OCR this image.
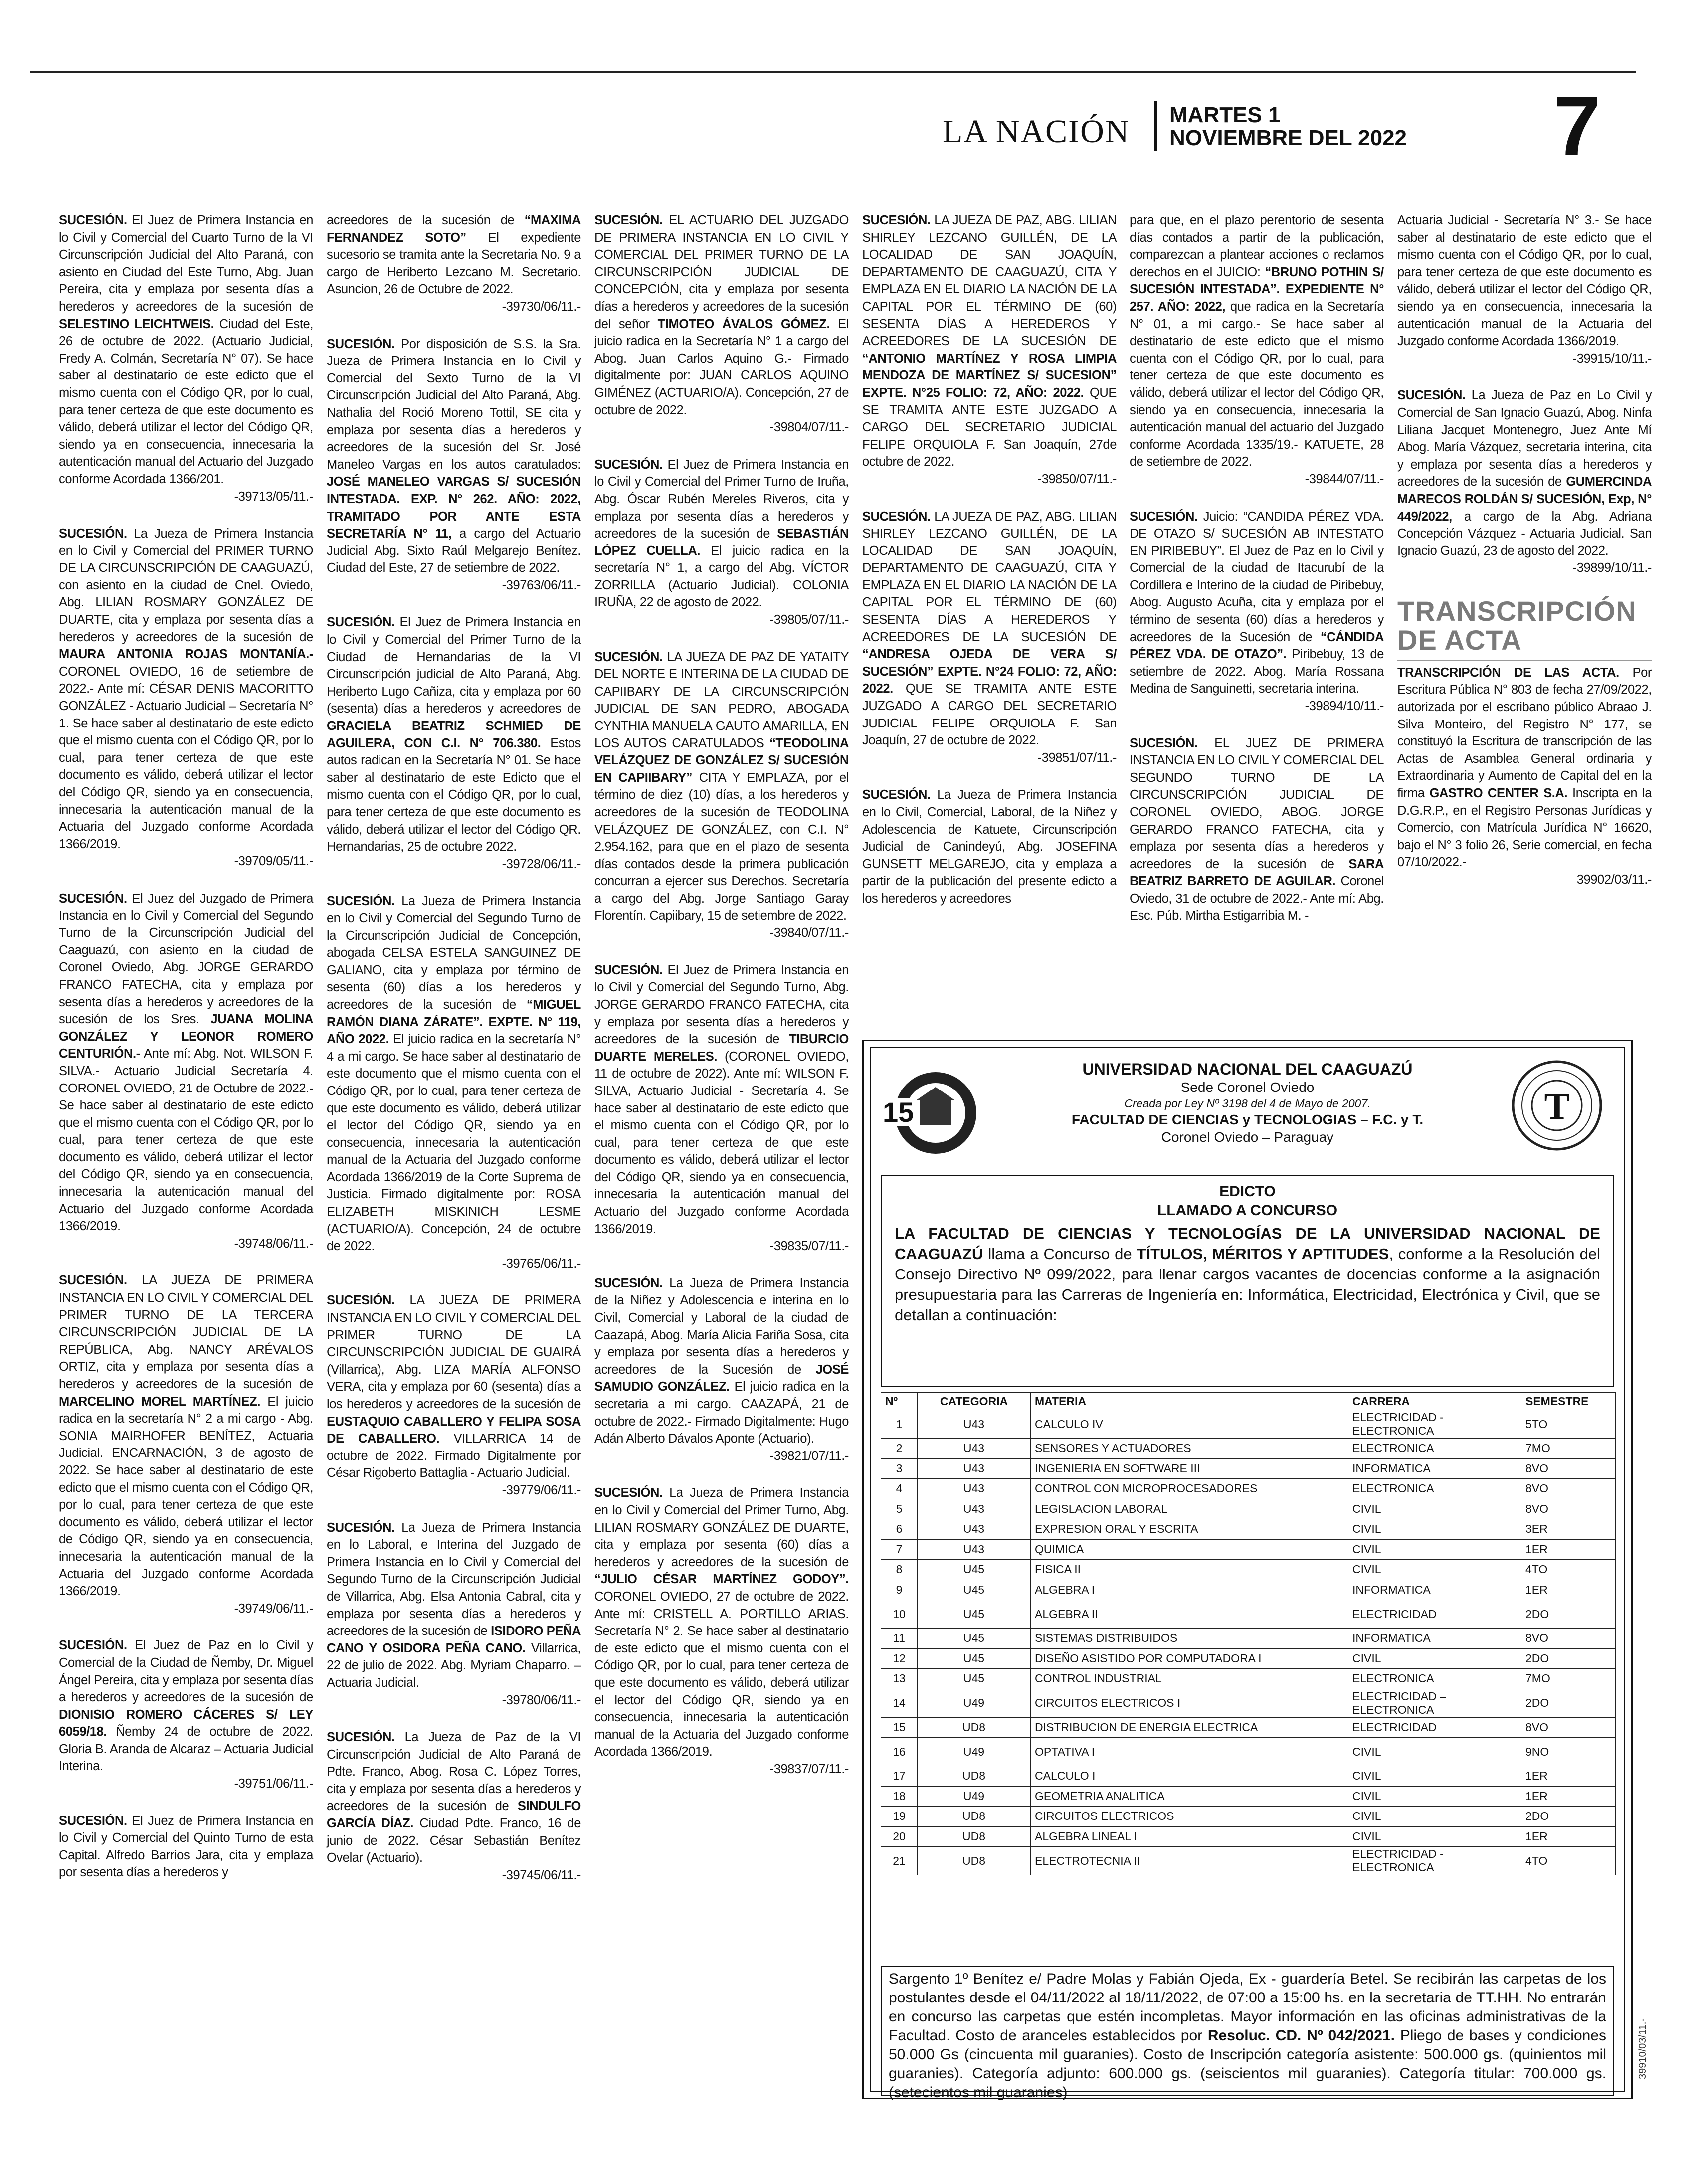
LA NACIÓN MARTES 1
NOVIEMBRE DEL 2022 7

SUCESIÓN. El Juez de Primera Instancia en lo Civil y Comercial del Cuarto Turno de la VI Circunscripción Judicial del Alto Paraná, con asiento en Ciudad del Este Turno, Abg. Juan Pereira, cita y emplaza por sesenta días a herederos y acreedores de la sucesión de SELESTINO LEICHTWEIS. Ciudad del Este, 26 de octubre de 2022. (Actuario Judicial, Fredy A. Colmán, Secretaría N° 07). Se hace saber al destinatario de este edicto que el mismo cuenta con el Código QR, por lo cual, para tener certeza de que este documento es válido, deberá utilizar el lector del Código QR, siendo ya en consecuencia, innecesaria la autenticación manual del Actuario del Juzgado conforme Acordada 1366/201.
-39713/05/11.-

SUCESIÓN. La Jueza de Primera Instancia en lo Civil y Comercial del PRIMER TURNO DE LA CIRCUNSCRIPCIÓN DE CAAGUAZÚ, con asiento en la ciudad de Cnel. Oviedo, Abg. LILIAN ROSMARY GONZÁLEZ DE DUARTE, cita y emplaza por sesenta días a herederos y acreedores de la sucesión de MAURA ANTONIA ROJAS MONTANÍA.- CORONEL OVIEDO, 16 de setiembre de 2022.- Ante mí: CÉSAR DENIS MACORITTO GONZÁLEZ - Actuario Judicial – Secretaría N° 1. Se hace saber al destinatario de este edicto que el mismo cuenta con el Código QR, por lo cual, para tener certeza de que este documento es válido, deberá utilizar el lector del Código QR, siendo ya en consecuencia, innecesaria la autenticación manual de la Actuaria del Juzgado conforme Acordada 1366/2019.
-39709/05/11.-

SUCESIÓN. El Juez del Juzgado de Primera Instancia en lo Civil y Comercial del Segundo Turno de la Circunscripción Judicial del Caaguazú, con asiento en la ciudad de Coronel Oviedo, Abg. JORGE GERARDO FRANCO FATECHA, cita y emplaza por sesenta días a herederos y acreedores de la sucesión de los Sres. JUANA MOLINA GONZÁLEZ Y LEONOR ROMERO CENTURIÓN.- Ante mí: Abg. Not. WILSON F. SILVA.- Actuario Judicial Secretaría 4. CORONEL OVIEDO, 21 de Octubre de 2022.- Se hace saber al destinatario de este edicto que el mismo cuenta con el Código QR, por lo cual, para tener certeza de que este documento es válido, deberá utilizar el lector del Código QR, siendo ya en consecuencia, innecesaria la autenticación manual del Actuario del Juzgado conforme Acordada 1366/2019.
-39748/06/11.-

SUCESIÓN. LA JUEZA DE PRIMERA INSTANCIA EN LO CIVIL Y COMERCIAL DEL PRIMER TURNO DE LA TERCERA CIRCUNSCRIPCIÓN JUDICIAL DE LA REPÚBLICA, Abg. NANCY ARÉVALOS ORTIZ, cita y emplaza por sesenta días a herederos y acreedores de la sucesión de MARCELINO MOREL MARTÍNEZ. El juicio radica en la secretaría N° 2 a mi cargo - Abg. SONIA MAIRHOFER BENÍTEZ, Actuaria Judicial. ENCARNACIÓN, 3 de agosto de 2022. Se hace saber al destinatario de este edicto que el mismo cuenta con el Código QR, por lo cual, para tener certeza de que este documento es válido, deberá utilizar el lector de Código QR, siendo ya en consecuencia, innecesaria la autenticación manual de la Actuaria del Juzgado conforme Acordada 1366/2019.
-39749/06/11.-

SUCESIÓN. El Juez de Paz en lo Civil y Comercial de la Ciudad de Ñemby, Dr. Miguel Ángel Pereira, cita y emplaza por sesenta días a herederos y acreedores de la sucesión de DIONISIO ROMERO CÁCERES S/ LEY 6059/18. Ñemby 24 de octubre de 2022. Gloria B. Aranda de Alcaraz – Actuaria Judicial Interina.
-39751/06/11.-

SUCESIÓN. El Juez de Primera Instancia en lo Civil y Comercial del Quinto Turno de esta Capital. Alfredo Barrios Jara, cita y emplaza por sesenta días a herederos y

acreedores de la sucesión de “MAXIMA FERNANDEZ SOTO” El expediente sucesorio se tramita ante la Secretaria No. 9 a cargo de Heriberto Lezcano M. Secretario. Asuncion, 26 de Octubre de 2022.
-39730/06/11.-

SUCESIÓN. Por disposición de S.S. la Sra. Jueza de Primera Instancia en lo Civil y Comercial del Sexto Turno de la VI Circunscripción Judicial del Alto Paraná, Abg. Nathalia del Roció Moreno Tottil, SE cita y emplaza por sesenta días a herederos y acreedores de la sucesión del Sr. José Maneleo Vargas en los autos caratulados: JOSÉ MANELEO VARGAS S/ SUCESIÓN INTESTADA. EXP. N° 262. AÑO: 2022, TRAMITADO POR ANTE ESTA SECRETARÍA N° 11, a cargo del Actuario Judicial Abg. Sixto Raúl Melgarejo Benítez. Ciudad del Este, 27 de setiembre de 2022.
-39763/06/11.-

SUCESIÓN. El Juez de Primera Instancia en lo Civil y Comercial del Primer Turno de la Ciudad de Hernandarias de la VI Circunscripción judicial de Alto Paraná, Abg. Heriberto Lugo Cañiza, cita y emplaza por 60 (sesenta) días a herederos y acreedores de GRACIELA BEATRIZ SCHMIED DE AGUILERA, CON C.I. N° 706.380. Estos autos radican en la Secretaría N° 01. Se hace saber al destinatario de este Edicto que el mismo cuenta con el Código QR, por lo cual, para tener certeza de que este documento es válido, deberá utilizar el lector del Código QR. Hernandarias, 25 de octubre 2022.
-39728/06/11.-

SUCESIÓN. La Jueza de Primera Instancia en lo Civil y Comercial del Segundo Turno de la Circunscripción Judicial de Concepción, abogada CELSA ESTELA SANGUINEZ DE GALIANO, cita y emplaza por término de sesenta (60) días a los herederos y acreedores de la sucesión de “MIGUEL RAMÓN DIANA ZÁRATE”. EXPTE. N° 119, AÑO 2022. El juicio radica en la secretaría N° 4 a mi cargo. Se hace saber al destinatario de este documento que el mismo cuenta con el Código QR, por lo cual, para tener certeza de que este documento es válido, deberá utilizar el lector del Código QR, siendo ya en consecuencia, innecesaria la autenticación manual de la Actuaria del Juzgado conforme Acordada 1366/2019 de la Corte Suprema de Justicia. Firmado digitalmente por: ROSA ELIZABETH MISKINICH LESME (ACTUARIO/A). Concepción, 24 de octubre de 2022.
-39765/06/11.-

SUCESIÓN. LA JUEZA DE PRIMERA INSTANCIA EN LO CIVIL Y COMERCIAL DEL PRIMER TURNO DE LA CIRCUNSCRIPCIÓN JUDICIAL DE GUAIRÁ (Villarrica), Abg. LIZA MARÍA ALFONSO VERA, cita y emplaza por 60 (sesenta) días a los herederos y acreedores de la sucesión de EUSTAQUIO CABALLERO Y FELIPA SOSA DE CABALLERO. VILLARRICA 14 de octubre de 2022. Firmado Digitalmente por César Rigoberto Battaglia - Actuario Judicial.
-39779/06/11.-

SUCESIÓN. La Jueza de Primera Instancia en lo Laboral, e Interina del Juzgado de Primera Instancia en lo Civil y Comercial del Segundo Turno de la Circunscripción Judicial de Villarrica, Abg. Elsa Antonia Cabral, cita y emplaza por sesenta días a herederos y acreedores de la sucesión de ISIDORO PEÑA CANO Y OSIDORA PEÑA CANO. Villarrica, 22 de julio de 2022. Abg. Myriam Chaparro. – Actuaria Judicial.
-39780/06/11.-

SUCESIÓN. La Jueza de Paz de la VI Circunscripción Judicial de Alto Paraná de Pdte. Franco, Abog. Rosa C. López Torres, cita y emplaza por sesenta días a herederos y acreedores de la sucesión de SINDULFO GARCÍA DÍAZ. Ciudad Pdte. Franco, 16 de junio de 2022. César Sebastián Benítez Ovelar (Actuario).
-39745/06/11.-

SUCESIÓN. EL ACTUARIO DEL JUZGADO DE PRIMERA INSTANCIA EN LO CIVIL Y COMERCIAL DEL PRIMER TURNO DE LA CIRCUNSCRIPCIÓN JUDICIAL DE CONCEPCIÓN, cita y emplaza por sesenta días a herederos y acreedores de la sucesión del señor TIMOTEO ÁVALOS GÓMEZ. El juicio radica en la Secretaría N° 1 a cargo del Abog. Juan Carlos Aquino G.- Firmado digitalmente por: JUAN CARLOS AQUINO GIMÉNEZ (ACTUARIO/A). Concepción, 27 de octubre de 2022.
-39804/07/11.-

SUCESIÓN. El Juez de Primera Instancia en lo Civil y Comercial del Primer Turno de Iruña, Abg. Óscar Rubén Mereles Riveros, cita y emplaza por sesenta días a herederos y acreedores de la sucesión de SEBASTIÁN LÓPEZ CUELLA. El juicio radica en la secretaría N° 1, a cargo del Abg. VÍCTOR ZORRILLA (Actuario Judicial). COLONIA IRUÑA, 22 de agosto de 2022.
-39805/07/11.-

SUCESIÓN. LA JUEZA DE PAZ DE YATAITY DEL NORTE E INTERINA DE LA CIUDAD DE CAPIIBARY DE LA CIRCUNSCRIPCIÓN JUDICIAL DE SAN PEDRO, ABOGADA CYNTHIA MANUELA GAUTO AMARILLA, EN LOS AUTOS CARATULADOS “TEODOLINA VELÁZQUEZ DE GONZÁLEZ S/ SUCESIÓN EN CAPIIBARY” CITA Y EMPLAZA, por el término de diez (10) días, a los herederos y acreedores de la sucesión de TEODOLINA VELÁZQUEZ DE GONZÁLEZ, con C.I. N° 2.954.162, para que en el plazo de sesenta días contados desde la primera publicación concurran a ejercer sus Derechos. Secretaría a cargo del Abg. Jorge Santiago Garay Florentín. Capiibary, 15 de setiembre de 2022.
-39840/07/11.-

SUCESIÓN. El Juez de Primera Instancia en lo Civil y Comercial del Segundo Turno, Abg. JORGE GERARDO FRANCO FATECHA, cita y emplaza por sesenta días a herederos y acreedores de la sucesión de TIBURCIO DUARTE MERELES. (CORONEL OVIEDO, 11 de octubre de 2022). Ante mí: WILSON F. SILVA, Actuario Judicial - Secretaría 4. Se hace saber al destinatario de este edicto que el mismo cuenta con el Código QR, por lo cual, para tener certeza de que este documento es válido, deberá utilizar el lector del Código QR, siendo ya en consecuencia, innecesaria la autenticación manual del Actuario del Juzgado conforme Acordada 1366/2019.
-39835/07/11.-

SUCESIÓN. La Jueza de Primera Instancia de la Niñez y Adolescencia e interina en lo Civil, Comercial y Laboral de la ciudad de Caazapá, Abog. María Alicia Fariña Sosa, cita y emplaza por sesenta días a herederos y acreedores de la Sucesión de JOSÉ SAMUDIO GONZÁLEZ. El juicio radica en la secretaria a mi cargo. CAAZAPÁ, 21 de octubre de 2022.- Firmado Digitalmente: Hugo Adán Alberto Dávalos Aponte (Actuario).
-39821/07/11.-

SUCESIÓN. La Jueza de Primera Instancia en lo Civil y Comercial del Primer Turno, Abg. LILIAN ROSMARY GONZÁLEZ DE DUARTE, cita y emplaza por sesenta (60) días a herederos y acreedores de la sucesión de “JULIO CÉSAR MARTÍNEZ GODOY”. CORONEL OVIEDO, 27 de octubre de 2022. Ante mí: CRISTELL A. PORTILLO ARIAS. Secretaría N° 2. Se hace saber al destinatario de este edicto que el mismo cuenta con el Código QR, por lo cual, para tener certeza de que este documento es válido, deberá utilizar el lector del Código QR, siendo ya en consecuencia, innecesaria la autenticación manual de la Actuaria del Juzgado conforme Acordada 1366/2019.
-39837/07/11.-

SUCESIÓN. LA JUEZA DE PAZ, ABG. LILIAN SHIRLEY LEZCANO GUILLÉN, DE LA LOCALIDAD DE SAN JOAQUÍN, DEPARTAMENTO DE CAAGUAZÚ, CITA Y EMPLAZA EN EL DIARIO LA NACIÓN DE LA CAPITAL POR EL TÉRMINO DE (60) SESENTA DÍAS A HEREDEROS Y ACREEDORES DE LA SUCESIÓN DE “ANTONIO MARTÍNEZ Y ROSA LIMPIA MENDOZA DE MARTÍNEZ S/ SUCESION” EXPTE. N°25 FOLIO: 72, AÑO: 2022. QUE SE TRAMITA ANTE ESTE JUZGADO A CARGO DEL SECRETARIO JUDICIAL FELIPE ORQUIOLA F. San Joaquín, 27de octubre de 2022.
-39850/07/11.-

SUCESIÓN. LA JUEZA DE PAZ, ABG. LILIAN SHIRLEY LEZCANO GUILLÉN, DE LA LOCALIDAD DE SAN JOAQUÍN, DEPARTAMENTO DE CAAGUAZÚ, CITA Y EMPLAZA EN EL DIARIO LA NACIÓN DE LA CAPITAL POR EL TÉRMINO DE (60) SESENTA DÍAS A HEREDEROS Y ACREEDORES DE LA SUCESIÓN DE “ANDRESA OJEDA DE VERA S/ SUCESIÓN” EXPTE. N°24 FOLIO: 72, AÑO: 2022. QUE SE TRAMITA ANTE ESTE JUZGADO A CARGO DEL SECRETARIO JUDICIAL FELIPE ORQUIOLA F. San Joaquín, 27 de octubre de 2022.
-39851/07/11.-

SUCESIÓN. La Jueza de Primera Instancia en lo Civil, Comercial, Laboral, de la Niñez y Adolescencia de Katuete, Circunscripción Judicial de Canindeyú, Abg. JOSEFINA GUNSETT MELGAREJO, cita y emplaza a partir de la publicación del presente edicto a los herederos y acreedores

para que, en el plazo perentorio de sesenta días contados a partir de la publicación, comparezcan a plantear acciones o reclamos derechos en el JUICIO: “BRUNO POTHIN S/ SUCESIÓN INTESTADA”. EXPEDIENTE N° 257. AÑO: 2022, que radica en la Secretaría N° 01, a mi cargo.- Se hace saber al destinatario de este edicto que el mismo cuenta con el Código QR, por lo cual, para tener certeza de que este documento es válido, deberá utilizar el lector del Código QR, siendo ya en consecuencia, innecesaria la autenticación manual del actuario del Juzgado conforme Acordada 1335/19.- KATUETE, 28 de setiembre de 2022.
-39844/07/11.-

SUCESIÓN. Juicio: “CANDIDA PÉREZ VDA. DE OTAZO S/ SUCESIÓN AB INTESTATO EN PIRIBEBUY”. El Juez de Paz en lo Civil y Comercial de la ciudad de Itacurubí de la Cordillera e Interino de la ciudad de Piribebuy, Abog. Augusto Acuña, cita y emplaza por el término de sesenta (60) días a herederos y acreedores de la Sucesión de “CÁNDIDA PÉREZ VDA. DE OTAZO”. Piribebuy, 13 de setiembre de 2022. Abog. María Rossana Medina de Sanguinetti, secretaria interina.
-39894/10/11.-

SUCESIÓN. EL JUEZ DE PRIMERA INSTANCIA EN LO CIVIL Y COMERCIAL DEL SEGUNDO TURNO DE LA CIRCUNSCRIPCIÓN JUDICIAL DE CORONEL OVIEDO, ABOG. JORGE GERARDO FRANCO FATECHA, cita y emplaza por sesenta días a herederos y acreedores de la sucesión de SARA BEATRIZ BARRETO DE AGUILAR. Coronel Oviedo, 31 de octubre de 2022.- Ante mí: Abg. Esc. Púb. Mirtha Estigarribia M. -

Actuaria Judicial - Secretaría N° 3.- Se hace saber al destinatario de este edicto que el mismo cuenta con el Código QR, por lo cual, para tener certeza de que este documento es válido, deberá utilizar el lector del Código QR, siendo ya en consecuencia, innecesaria la autenticación manual de la Actuaria del Juzgado conforme Acordada 1366/2019.
-39915/10/11.-

SUCESIÓN. La Jueza de Paz en Lo Civil y Comercial de San Ignacio Guazú, Abog. Ninfa Liliana Jacquet Montenegro, Juez Ante Mí Abog. María Vázquez, secretaria interina, cita y emplaza por sesenta días a herederos y acreedores de la sucesión de GUMERCINDA MARECOS ROLDÁN S/ SUCESIÓN, Exp, N° 449/2022, a cargo de la Abg. Adriana Concepción Vázquez - Actuaria Judicial. San Ignacio Guazú, 23 de agosto del 2022.
-39899/10/11.-

TRANSCRIPCIÓN DE ACTA

TRANSCRIPCIÓN DE LAS ACTA. Por Escritura Pública N° 803 de fecha 27/09/2022, autorizada por el escribano público Abraao J. Silva Monteiro, del Registro N° 177, se constituyó la Escritura de transcripción de las Actas de Asamblea General ordinaria y Extraordinaria y Aumento de Capital del en la firma GASTRO CENTER S.A. Inscripta en la D.G.R.P., en el Registro Personas Jurídicas y Comercio, con Matrícula Jurídica N° 16620, bajo el N° 3 folio 26, Serie comercial, en fecha 07/10/2022.-
39902/03/11.-

15
UNIVERSIDAD NACIONAL DEL CAAGUAZÚ
Sede Coronel Oviedo
Creada por Ley Nº 3198 del 4 de Mayo de 2007.
FACULTAD DE CIENCIAS y TECNOLOGIAS – F.C. y T.
Coronel Oviedo – Paraguay
T
EDICTO
LLAMADO A CONCURSO
LA FACULTAD DE CIENCIAS Y TECNOLOGÍAS DE LA UNIVERSIDAD NACIONAL DE CAAGUAZÚ llama a Concurso de TÍTULOS, MÉRITOS Y APTITUDES, conforme a la Resolución del Consejo Directivo Nº 099/2022, para llenar cargos vacantes de docencias conforme a la asignación presupuestaria para las Carreras de Ingeniería en: Informática, Electricidad, Electrónica y Civil, que se detallan a continuación:
Nº	CATEGORIA	MATERIA	CARRERA	SEMESTRE
1	U43	CALCULO IV	ELECTRICIDAD - ELECTRONICA	5TO
2	U43	SENSORES Y ACTUADORES	ELECTRONICA	7MO
3	U43	INGENIERIA EN SOFTWARE III	INFORMATICA	8VO
4	U43	CONTROL CON MICROPROCESADORES	ELECTRONICA	8VO
5	U43	LEGISLACION LABORAL	CIVIL	8VO
6	U43	EXPRESION ORAL Y ESCRITA	CIVIL	3ER
7	U43	QUIMICA	CIVIL	1ER
8	U45	FISICA II	CIVIL	4TO
9	U45	ALGEBRA I	INFORMATICA	1ER
10	U45	ALGEBRA II	ELECTRICIDAD	2DO
11	U45	SISTEMAS DISTRIBUIDOS	INFORMATICA	8VO
12	U45	DISEÑO ASISTIDO POR COMPUTADORA I	CIVIL	2DO
13	U45	CONTROL INDUSTRIAL	ELECTRONICA	7MO
14	U49	CIRCUITOS ELECTRICOS I	ELECTRICIDAD – ELECTRONICA	2DO
15	UD8	DISTRIBUCION DE ENERGIA ELECTRICA	ELECTRICIDAD	8VO
16	U49	OPTATIVA I	CIVIL	9NO
17	UD8	CALCULO I	CIVIL	1ER
18	U49	GEOMETRIA ANALITICA	CIVIL	1ER
19	UD8	CIRCUITOS ELECTRICOS	CIVIL	2DO
20	UD8	ALGEBRA LINEAL I	CIVIL	1ER
21	UD8	ELECTROTECNIA II	ELECTRICIDAD - ELECTRONICA	4TO
Sargento 1º Benítez e/ Padre Molas y Fabián Ojeda, Ex - guardería Betel. Se recibirán las carpetas de los postulantes desde el 04/11/2022 al 18/11/2022, de 07:00 a 15:00 hs. en la secretaria de TT.HH. No entrarán en concurso las carpetas que estén incompletas. Mayor información en las oficinas administrativas de la Facultad. Costo de aranceles establecidos por Resoluc. CD. Nº 042/2021. Pliego de bases y condiciones 50.000 Gs (cincuenta mil guaranies). Costo de Inscripción categoría asistente: 500.000 gs. (quinientos mil guaranies). Categoría adjunto: 600.000 gs. (seiscientos mil guaranies). Categoría titular: 700.000 gs. (setecientos mil guaranies)
39910/03/11.-
